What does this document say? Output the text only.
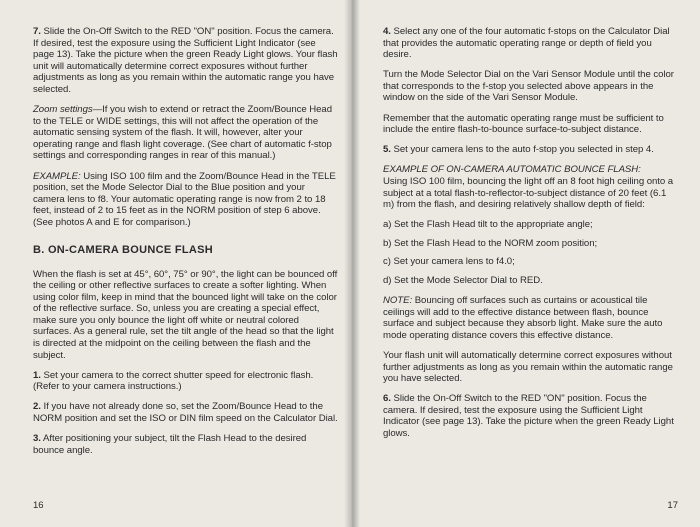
7. Slide the On-Off Switch to the RED "ON" position. Focus the camera. If desired, test the exposure using the Sufficient Light Indicator (see page 13). Take the picture when the green Ready Light glows. Your flash unit will automatically determine correct exposures without further adjustments as long as you remain within the automatic range you have selected.

Zoom settings—If you wish to extend or retract the Zoom/Bounce Head to the TELE or WIDE settings, this will not affect the operation of the automatic sensing system of the flash. It will, however, alter your operating range and flash light coverage. (See chart of automatic f-stop settings and corresponding ranges in rear of this manual.)

EXAMPLE: Using ISO 100 film and the Zoom/Bounce Head in the TELE position, set the Mode Selector Dial to the Blue position and your camera lens to f8. Your automatic operating range is now from 2 to 18 feet, instead of 2 to 15 feet as in the NORM position of step 6 above. (See photos A and E for comparison.)

B. ON-CAMERA BOUNCE FLASH

When the flash is set at 45°, 60°, 75° or 90°, the light can be bounced off the ceiling or other reflective surfaces to create a softer lighting. When using color film, keep in mind that the bounced light will take on the color of the reflective surface. So, unless you are creating a special effect, make sure you only bounce the light off white or neutral colored surfaces. As a general rule, set the tilt angle of the head so that the light is directed at the midpoint on the ceiling between the flash and the subject.

1. Set your camera to the correct shutter speed for electronic flash. (Refer to your camera instructions.)

2. If you have not already done so, set the Zoom/Bounce Head to the NORM position and set the ISO or DIN film speed on the Calculator Dial.

3. After positioning your subject, tilt the Flash Head to the desired bounce angle.

16

4. Select any one of the four automatic f-stops on the Calculator Dial that provides the automatic operating range or depth of field you desire.

Turn the Mode Selector Dial on the Vari Sensor Module until the color that corresponds to the f-stop you selected above appears in the window on the side of the Vari Sensor Module.

Remember that the automatic operating range must be sufficient to include the entire flash-to-bounce surface-to-subject distance.

5. Set your camera lens to the auto f-stop you selected in step 4.

EXAMPLE OF ON-CAMERA AUTOMATIC BOUNCE FLASH:
Using ISO 100 film, bouncing the light off an 8 foot high ceiling onto a subject at a total flash-to-reflector-to-subject distance of 20 feet (6.1 m) from the flash, and desiring relatively shallow depth of field:

a) Set the Flash Head tilt to the appropriate angle;

b) Set the Flash Head to the NORM zoom position;

c) Set your camera lens to f4.0;

d) Set the Mode Selector Dial to RED.

NOTE: Bouncing off surfaces such as curtains or acoustical tile ceilings will add to the effective distance between flash, bounce surface and subject because they absorb light. Make sure the auto mode operating distance covers this effective distance.

Your flash unit will automatically determine correct exposures without further adjustments as long as you remain within the automatic range you have selected.

6. Slide the On-Off Switch to the RED "ON" position. Focus the camera. If desired, test the exposure using the Sufficient Light Indicator (see page 13). Take the picture when the green Ready Light glows.

17
